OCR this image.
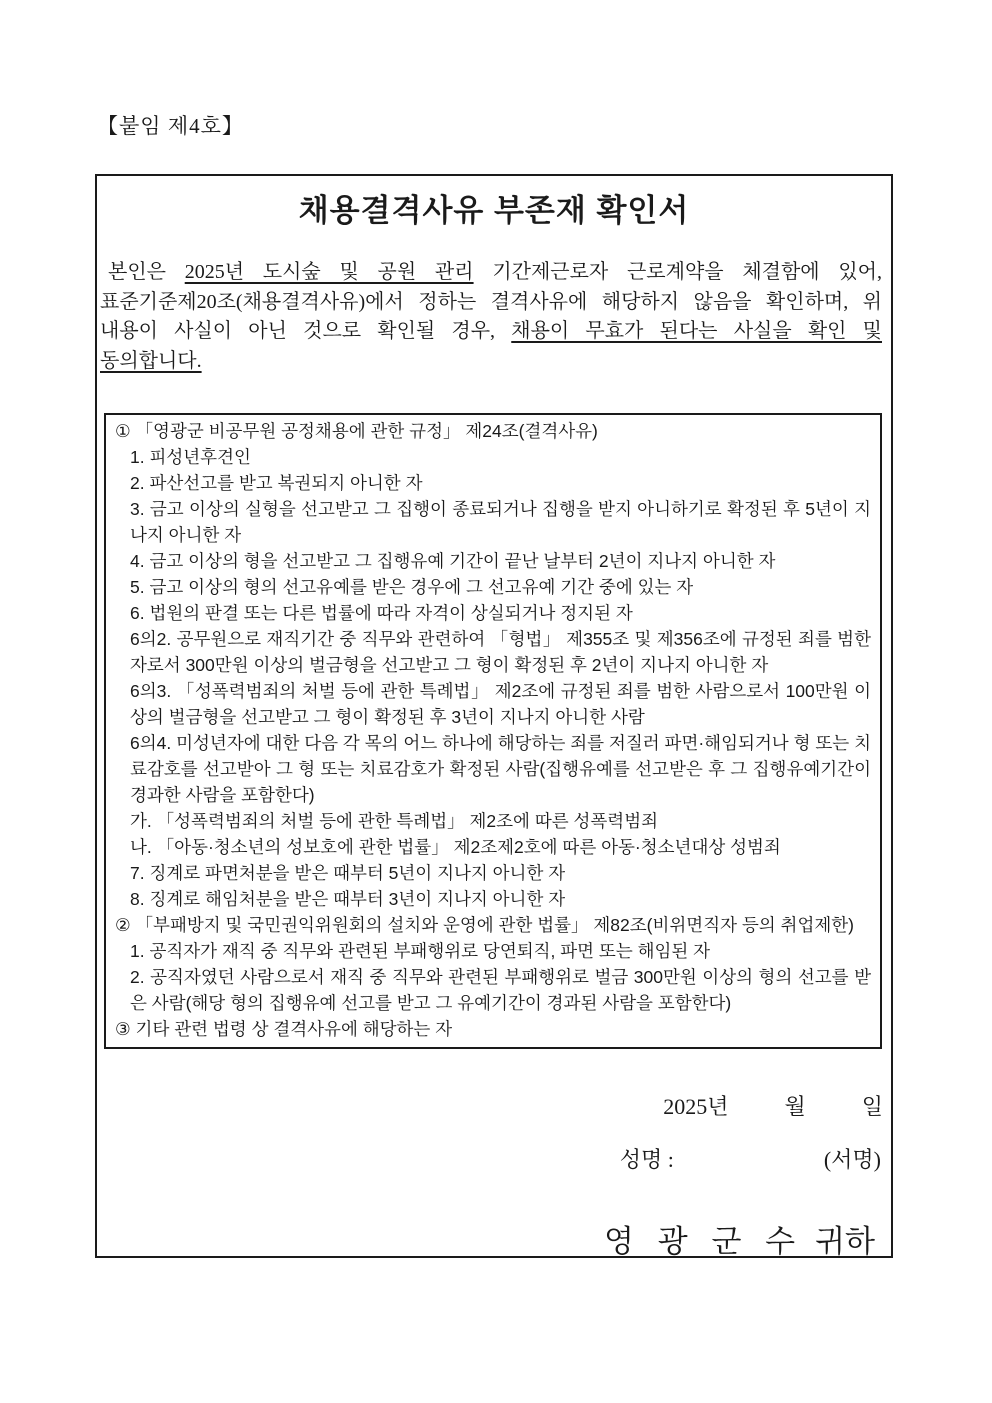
【붙임 제4호】
채용결격사유 부존재 확인서
본인은 2025년 도시숲 및 공원 관리 기간제근로자 근로계약을 체결함에 있어,
표준기준제20조(채용결격사유)에서 정하는 결격사유에 해당하지 않음을 확인하며, 위
내용이 사실이 아닌 것으로 확인될 경우, 채용이 무효가 된다는 사실을 확인 및
동의합니다.
① 「영광군 비공무원 공정채용에 관한 규정」 제24조(결격사유)
1. 피성년후견인
2. 파산선고를 받고 복권되지 아니한 자
3. 금고 이상의 실형을 선고받고 그 집행이 종료되거나 집행을 받지 아니하기로 확정된 후 5년이 지나지 아니한 자
4. 금고 이상의 형을 선고받고 그 집행유예 기간이 끝난 날부터 2년이 지나지 아니한 자
5. 금고 이상의 형의 선고유예를 받은 경우에 그 선고유예 기간 중에 있는 자
6. 법원의 판결 또는 다른 법률에 따라 자격이 상실되거나 정지된 자
6의2. 공무원으로 재직기간 중 직무와 관련하여 「형법」 제355조 및 제356조에 규정된 죄를 범한 자로서 300만원 이상의 벌금형을 선고받고 그 형이 확정된 후 2년이 지나지 아니한 자
6의3. 「성폭력범죄의 처벌 등에 관한 특례법」 제2조에 규정된 죄를 범한 사람으로서 100만원 이상의 벌금형을 선고받고 그 형이 확정된 후 3년이 지나지 아니한 사람
6의4. 미성년자에 대한 다음 각 목의 어느 하나에 해당하는 죄를 저질러 파면·해임되거나 형 또는 치료감호를 선고받아 그 형 또는 치료감호가 확정된 사람(집행유예를 선고받은 후 그 집행유예기간이 경과한 사람을 포함한다)
가. 「성폭력범죄의 처벌 등에 관한 특례법」 제2조에 따른 성폭력범죄
나. 「아동·청소년의 성보호에 관한 법률」 제2조제2호에 따른 아동·청소년대상 성범죄
7. 징계로 파면처분을 받은 때부터 5년이 지나지 아니한 자
8. 징계로 해임처분을 받은 때부터 3년이 지나지 아니한 자
② 「부패방지 및 국민권익위원회의 설치와 운영에 관한 법률」 제82조(비위면직자 등의 취업제한)
1. 공직자가 재직 중 직무와 관련된 부패행위로 당연퇴직, 파면 또는 해임된 자
2. 공직자였던 사람으로서 재직 중 직무와 관련된 부패행위로 벌금 300만원 이상의 형의 선고를 받은 사람(해당 형의 집행유예 선고를 받고 그 유예기간이 경과된 사람을 포함한다)
③ 기타 관련 법령 상 결격사유에 해당하는 자
2025년	월	일
성명 :	(서명)
영 광 군 수 귀하
